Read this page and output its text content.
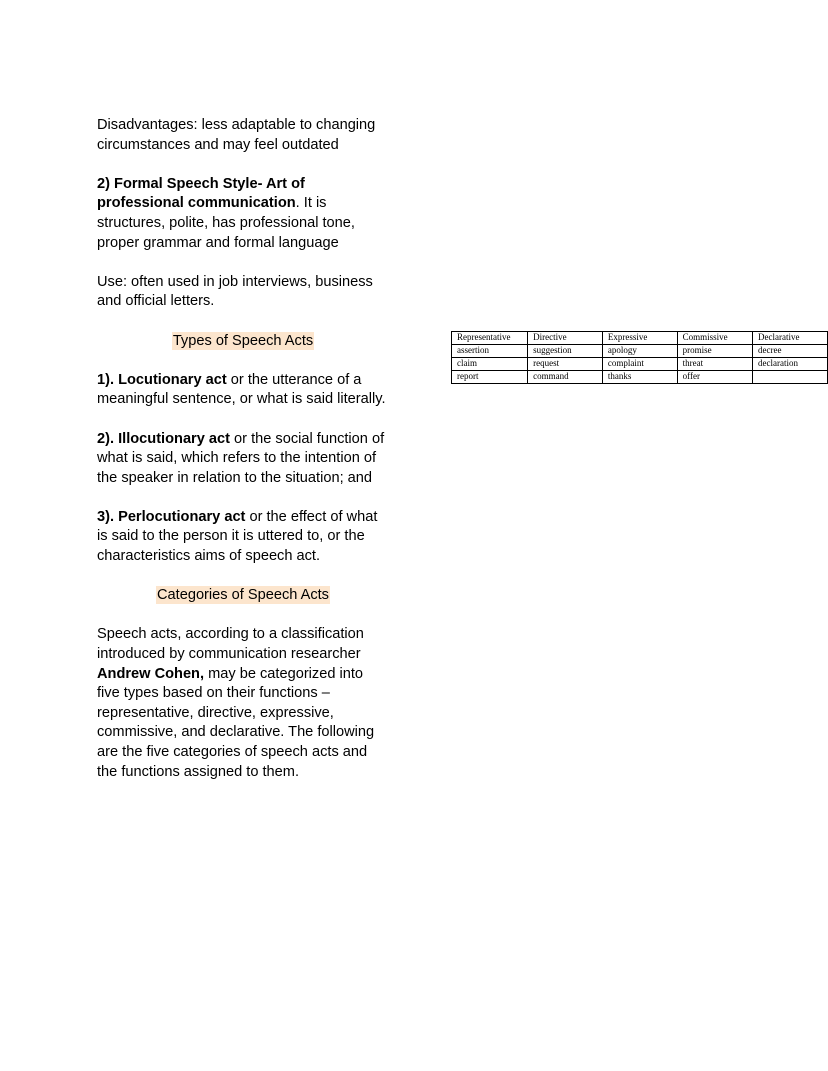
Disadvantages: less adaptable to changing circumstances and may feel outdated

2) Formal Speech Style- Art of professional communication. It is structures, polite, has professional tone, proper grammar and formal language

Use: often used in job interviews, business and official letters.

Types of Speech Acts

1). Locutionary act or the utterance of a meaningful sentence, or what is said literally.

2). Illocutionary act or the social function of what is said, which refers to the intention of the speaker in relation to the situation; and

3). Perlocutionary act or the effect of what is said to the person it is uttered to, or the characteristics aims of speech act.

Categories of Speech Acts

Speech acts, according to a classification introduced by communication researcher Andrew Cohen, may be categorized into five types based on their functions – representative, directive, expressive, commissive, and declarative. The following are the five categories of speech acts and the functions assigned to them.

Representative	Directive	Expressive	Commissive	Declarative
assertion	suggestion	apology	promise	decree
claim	request	complaint	threat	declaration
report	command	thanks	offer	
